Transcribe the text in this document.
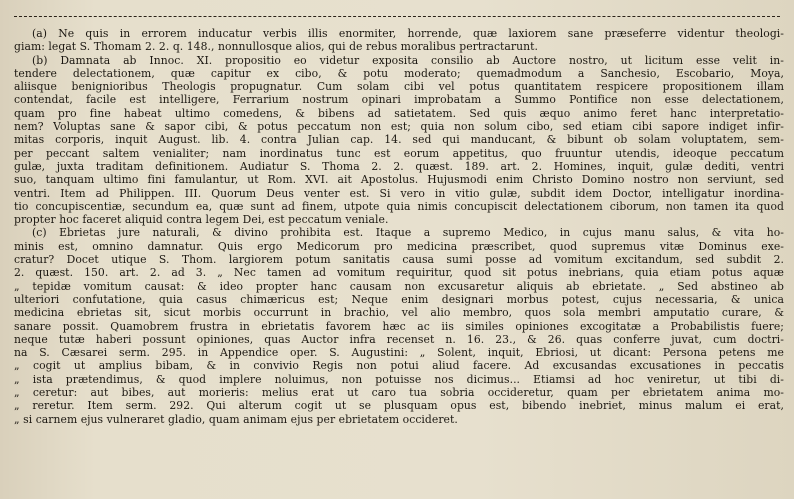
(a) Ne quis in errorem inducatur verbis illis enormiter, horrende, quæ laxiorem sane præseferre videntur theologi-
giam: legat S. Thomam 2. 2. q. 148., nonnullosque alios, qui de rebus moralibus pertractarunt.
(b) Damnata ab Innoc. XI. propositio eo videtur exposita consilio ab Auctore nostro, ut licitum esse velit in-
tendere delectationem, quæ capitur ex cibo, & potu moderato; quemadmodum a Sanchesio, Escobario, Moya,
aliisque benignioribus Theologis propugnatur. Cum solam cibi vel potus quantitatem respicere propositionem illam
contendat, facile est intelligere, Ferrarium nostrum opinari improbatam a Summo Pontifice non esse delectationem,
quam pro fine habeat ultimo comedens, & bibens ad satietatem. Sed quis æquo animo feret hanc interpretatio-
nem? Voluptas sane & sapor cibi, & potus peccatum non est; quia non solum cibo, sed etiam cibi sapore indiget infir-
mitas corporis, inquit August. lib. 4. contra Julian cap. 14. sed qui manducant, & bibunt ob solam voluptatem, sem-
per peccant saltem venialiter; nam inordinatus tunc est eorum appetitus, quo fruuntur utendis, ideoque peccatum
gulæ, juxta traditam definitionem. Audiatur S. Thoma 2. 2. quæst. 189. art. 2. Homines, inquit, gulæ dediti, ventri
suo, tanquam ultimo fini famulantur, ut Rom. XVI. ait Apostolus. Hujusmodi enim Christo Domino nostro non serviunt, sed
ventri. Item ad Philippen. III. Quorum Deus venter est. Si vero in vitio gulæ, subdit idem Doctor, intelligatur inordina-
tio concupiscentiæ, secundum ea, quæ sunt ad finem, utpote quia nimis concupiscit delectationem ciborum, non tamen ita quod
propter hoc faceret aliquid contra legem Dei, est peccatum veniale.
(c) Ebrietas jure naturali, & divino prohibita est. Itaque a supremo Medico, in cujus manu salus, & vita ho-
minis est, omnino damnatur. Quis ergo Medicorum pro medicina præscribet, quod supremus vitæ Dominus exe-
cratur? Docet utique S. Thom. largiorem potum sanitatis causa sumi posse ad vomitum excitandum, sed subdit 2.
2. quæst. 150. art. 2. ad 3. „ Nec tamen ad vomitum requiritur, quod sit potus inebrians, quia etiam potus aquæ
„ tepidæ vomitum causat: & ideo propter hanc causam non excusaretur aliquis ab ebrietate. „ Sed abstineo ab
ulteriori confutatione, quia casus chimæricus est; Neque enim designari morbus potest, cujus necessaria, & unica
medicina ebrietas sit, sicut morbis occurrunt in brachio, vel alio membro, quos sola membri amputatio curare, &
sanare possit. Quamobrem frustra in ebrietatis favorem hæc ac iis similes opiniones excogitatæ a Probabilistis fuere;
neque tutæ haberi possunt opiniones, quas Auctor infra recenset n. 16. 23., & 26. quas conferre juvat, cum doctri-
na S. Cæsarei serm. 295. in Appendice oper. S. Augustini: „ Solent, inquit, Ebriosi, ut dicant: Persona petens me
„ cogit ut amplius bibam, & in convivio Regis non potui aliud facere. Ad excusandas excusationes in peccatis
„ ista prætendimus, & quod implere noluimus, non potuisse nos dicimus... Etiamsi ad hoc veniretur, ut tibi di-
„ ceretur: aut bibes, aut morieris: melius erat ut caro tua sobria occideretur, quam per ebrietatem anima mo-
„ reretur. Item serm. 292. Qui alterum cogit ut se plusquam opus est, bibendo inebriet, minus malum ei erat,
„ si carnem ejus vulneraret gladio, quam animam ejus per ebrietatem occideret.
